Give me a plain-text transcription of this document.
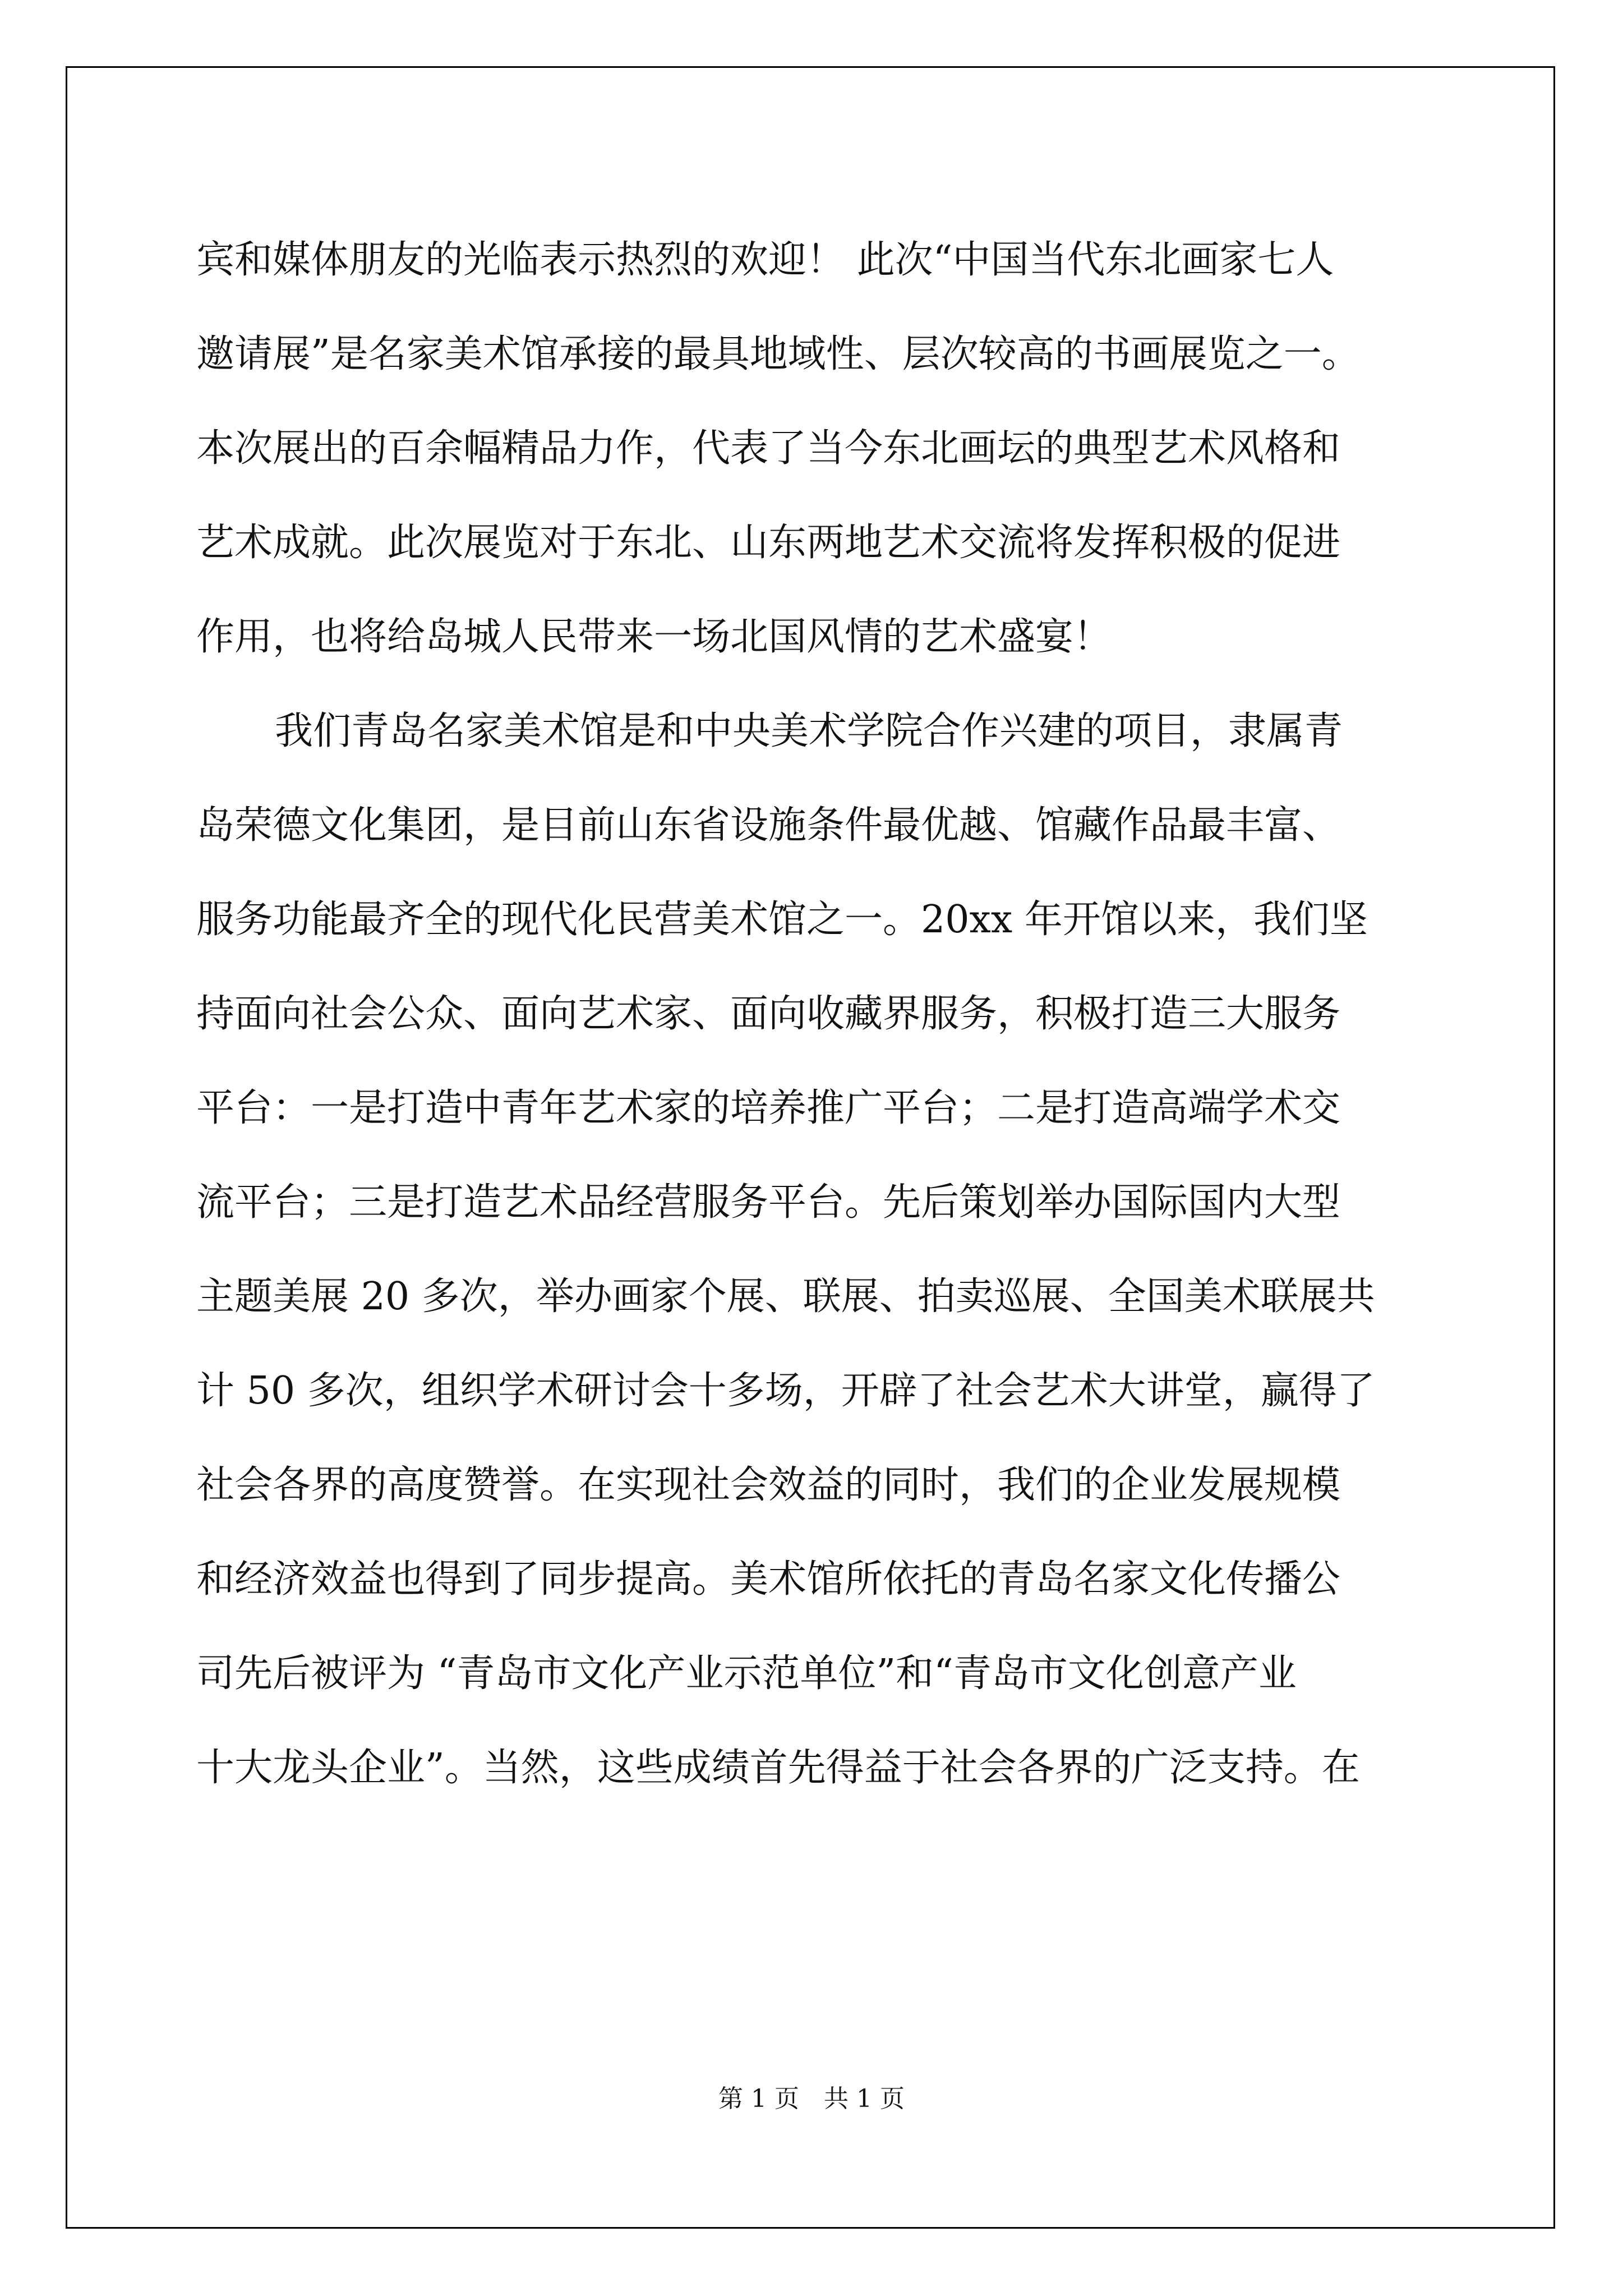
宾和媒体朋友的光临表示热烈的欢迎！ 此次“中国当代东北画家七人
邀请展”是名家美术馆承接的最具地域性、层次较高的书画展览之一。
本次展出的百余幅精品力作，代表了当今东北画坛的典型艺术风格和
艺术成就。此次展览对于东北、山东两地艺术交流将发挥积极的促进
作用，也将给岛城人民带来一场北国风情的艺术盛宴！
我们青岛名家美术馆是和中央美术学院合作兴建的项目，隶属青
岛荣德文化集团，是目前山东省设施条件最优越、馆藏作品最丰富、
服务功能最齐全的现代化民营美术馆之一。20xx 年开馆以来，我们坚
持面向社会公众、面向艺术家、面向收藏界服务，积极打造三大服务
平台：一是打造中青年艺术家的培养推广平台；二是打造高端学术交
流平台；三是打造艺术品经营服务平台。先后策划举办国际国内大型
主题美展 20 多次，举办画家个展、联展、拍卖巡展、全国美术联展共
计 50 多次，组织学术研讨会十多场，开辟了社会艺术大讲堂，赢得了
社会各界的高度赞誉。在实现社会效益的同时，我们的企业发展规模
和经济效益也得到了同步提高。美术馆所依托的青岛名家文化传播公
司先后被评为 “青岛市文化产业示范单位”和“青岛市文化创意产业
十大龙头企业”。当然，这些成绩首先得益于社会各界的广泛支持。在
第 1 页　共 1 页
